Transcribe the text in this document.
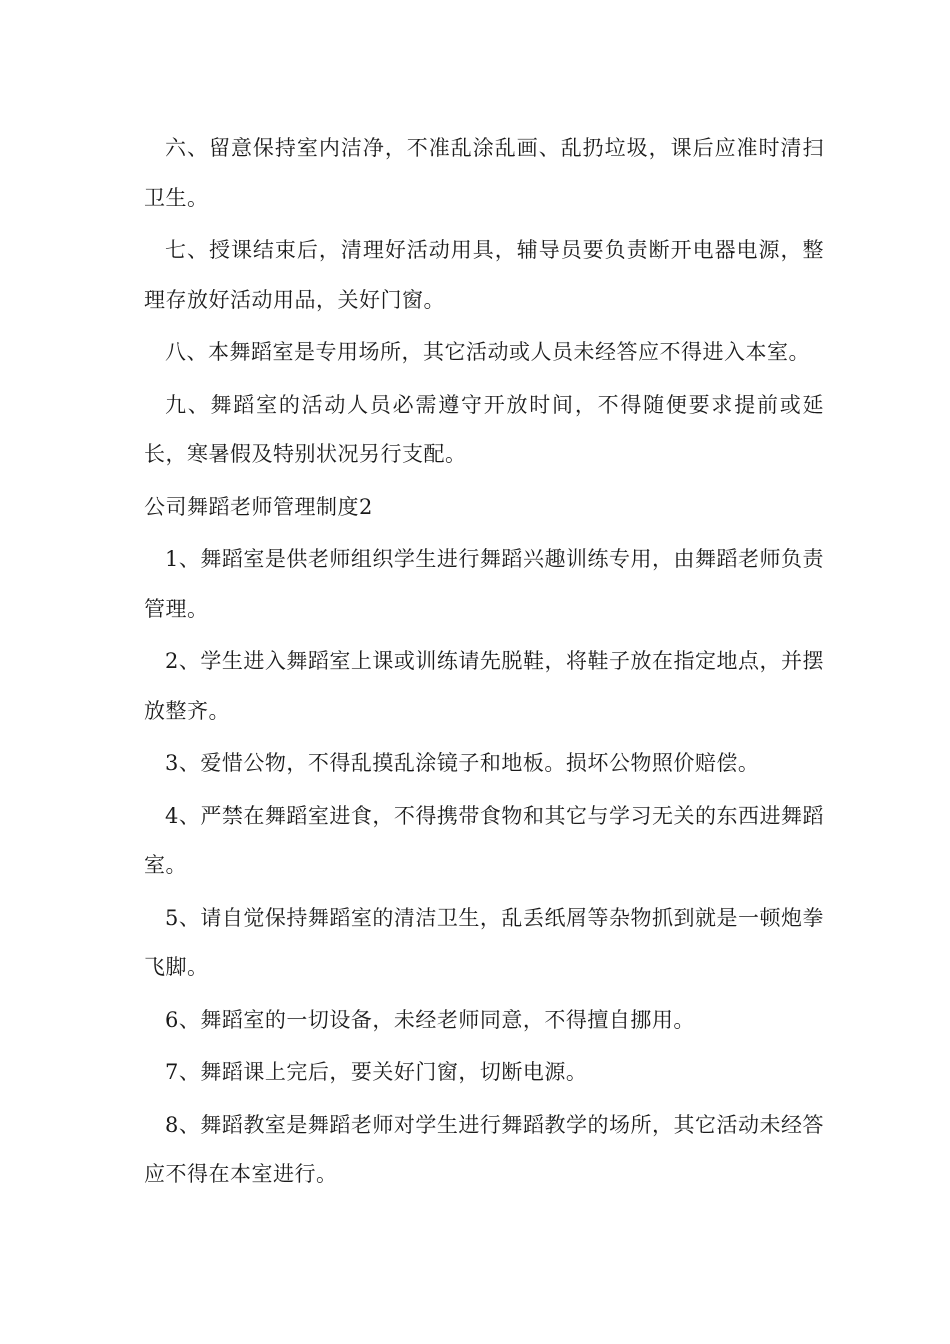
六、留意保持室内洁净，不准乱涂乱画、乱扔垃圾，课后应准时清扫卫生。

七、授课结束后，清理好活动用具，辅导员要负责断开电器电源，整理存放好活动用品，关好门窗。

八、本舞蹈室是专用场所，其它活动或人员未经答应不得进入本室。

九、舞蹈室的活动人员必需遵守开放时间，不得随便要求提前或延长，寒暑假及特别状况另行支配。

公司舞蹈老师管理制度2

1、舞蹈室是供老师组织学生进行舞蹈兴趣训练专用，由舞蹈老师负责管理。

2、学生进入舞蹈室上课或训练请先脱鞋，将鞋子放在指定地点，并摆放整齐。

3、爱惜公物，不得乱摸乱涂镜子和地板。损坏公物照价赔偿。

4、严禁在舞蹈室进食，不得携带食物和其它与学习无关的东西进舞蹈室。

5、请自觉保持舞蹈室的清洁卫生，乱丢纸屑等杂物抓到就是一顿炮拳飞脚。

6、舞蹈室的一切设备，未经老师同意，不得擅自挪用。

7、舞蹈课上完后，要关好门窗，切断电源。

8、舞蹈教室是舞蹈老师对学生进行舞蹈教学的场所，其它活动未经答应不得在本室进行。
